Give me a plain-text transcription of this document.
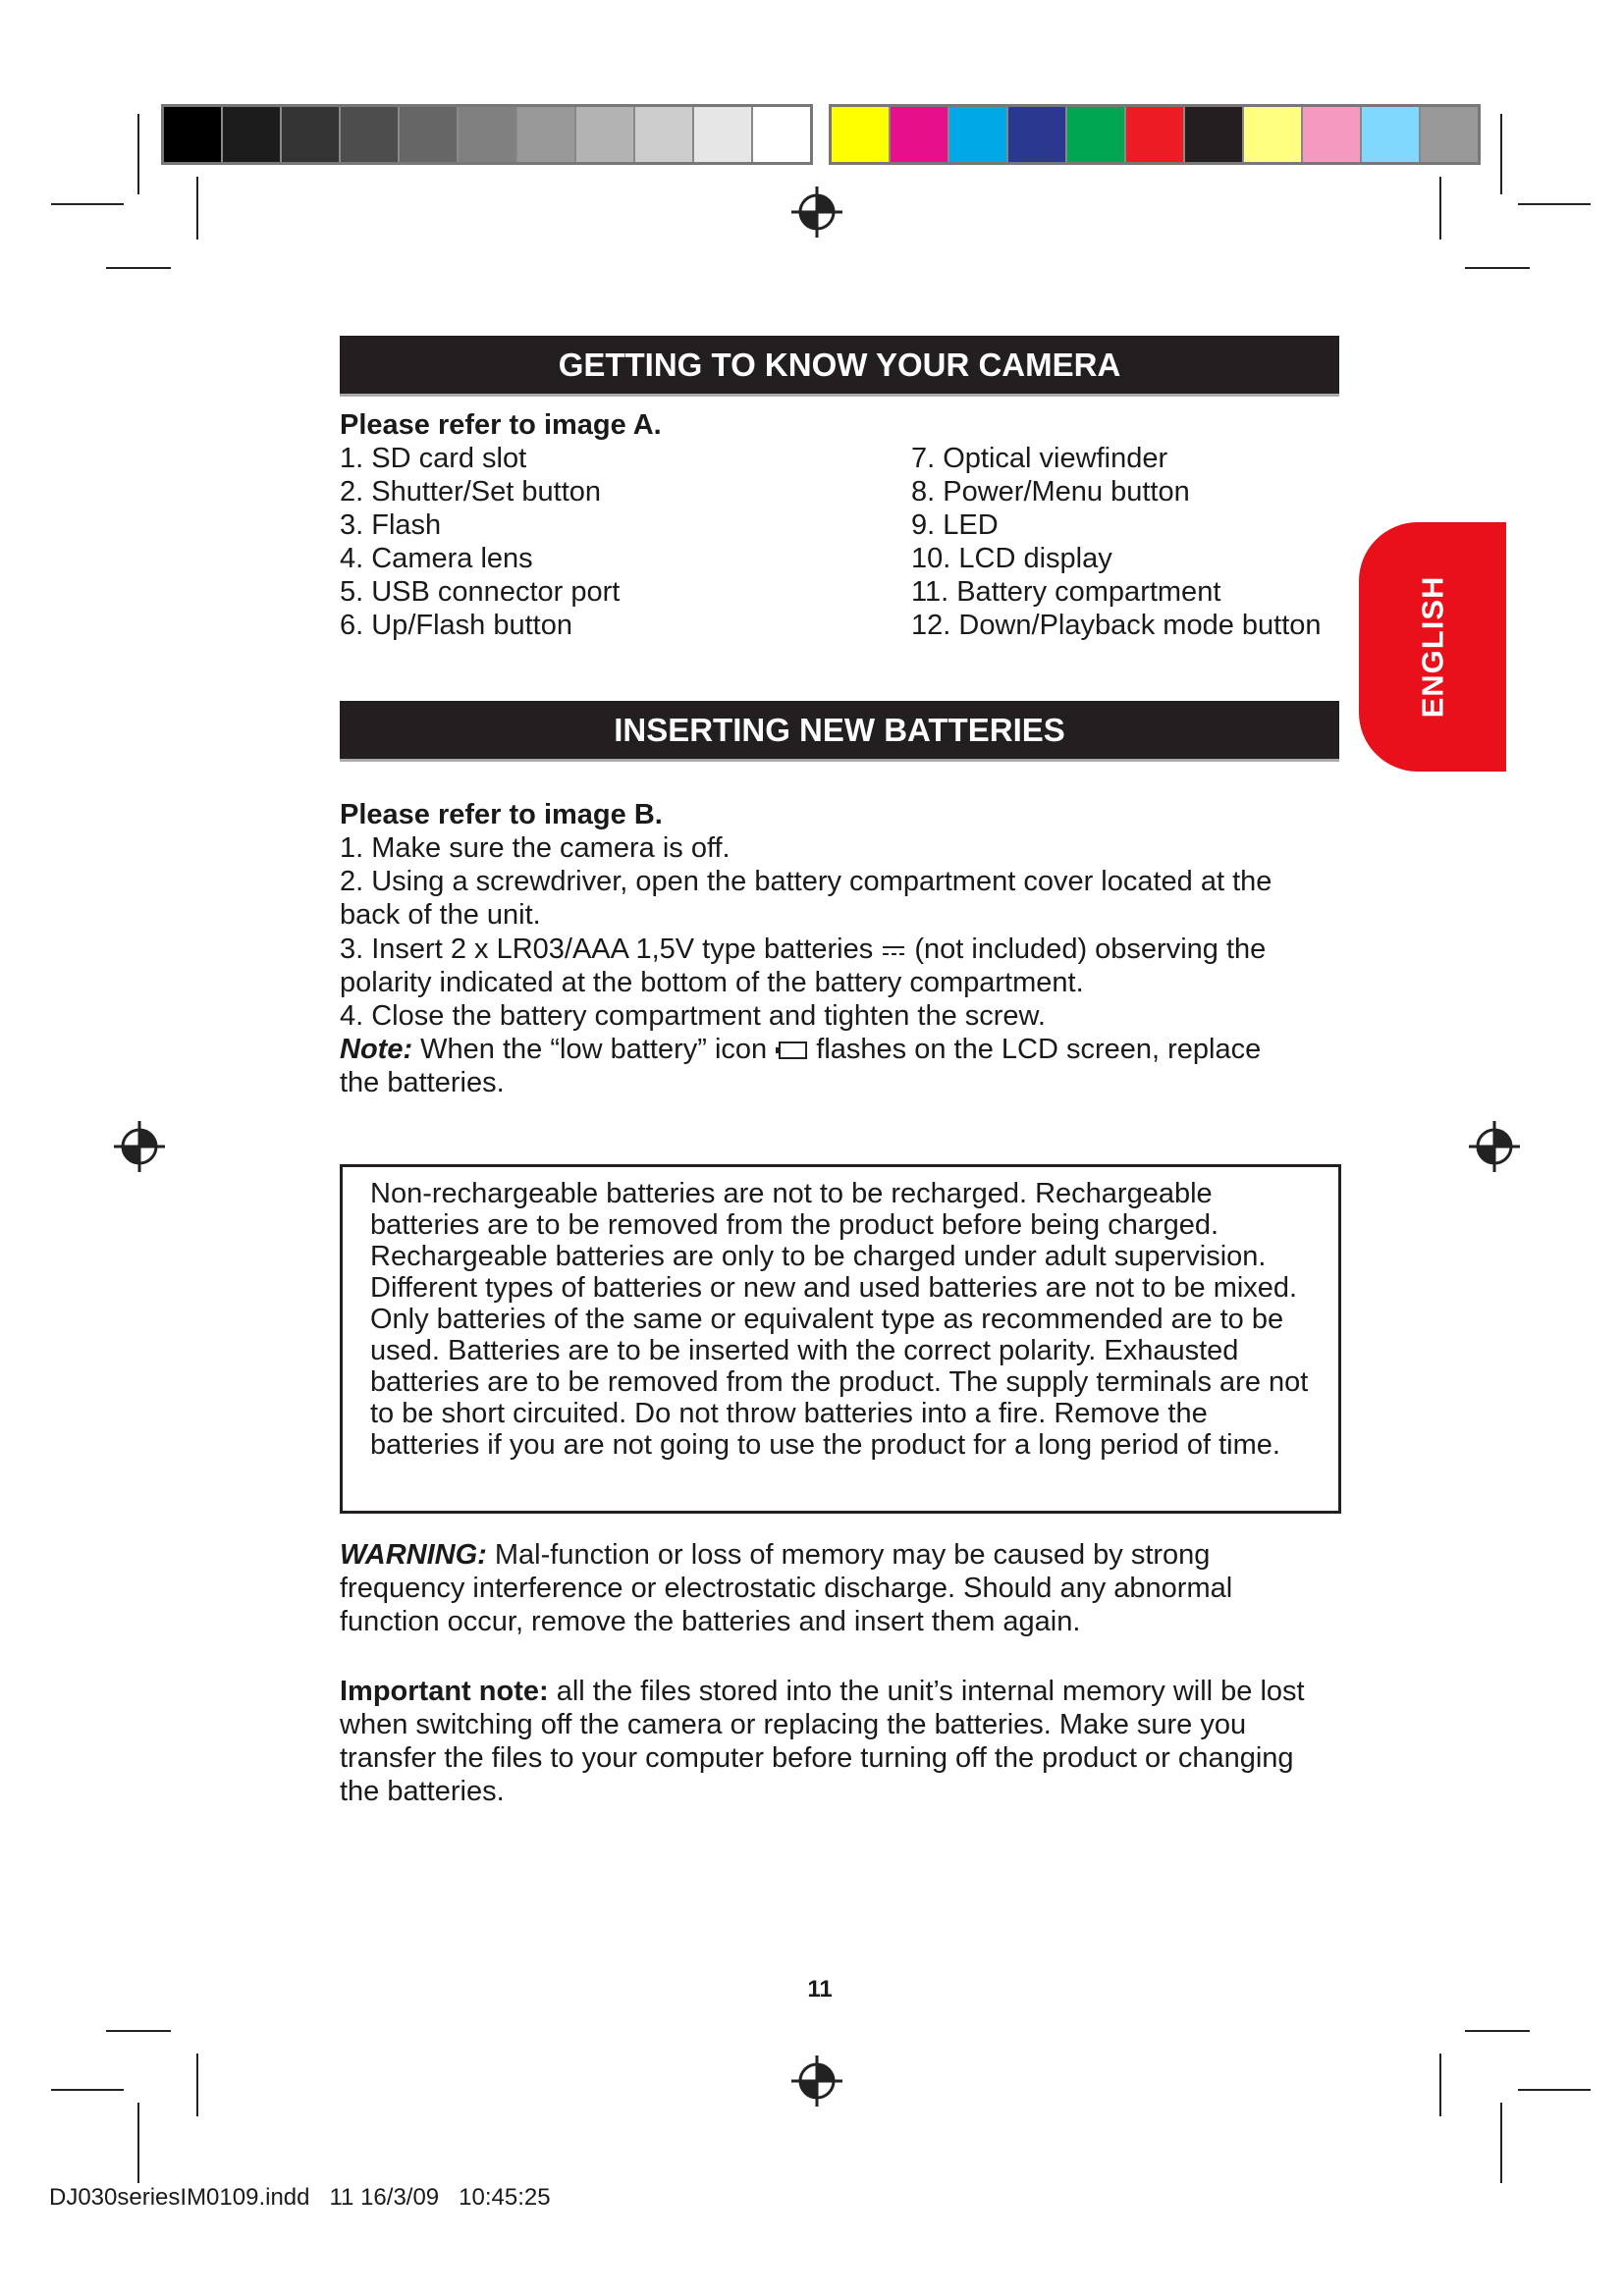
GETTING TO KNOW YOUR CAMERA
Please refer to image A.
1. SD card slot
2. Shutter/Set button
3. Flash
4. Camera lens
5. USB connector port
6. Up/Flash button
7. Optical viewfinder
8. Power/Menu button
9. LED
10. LCD display
11. Battery compartment
12. Down/Playback mode button	ENGLISH
INSERTING NEW BATTERIES
Please refer to image B.
1. Make sure the camera is off.
2. Using a screwdriver, open the battery compartment cover located at the back of the unit.
3. Insert 2 x LR03/AAA 1,5V type batteries (not included) observing the
polarity indicated at the bottom of the battery compartment.
4. Close the battery compartment and tighten the screw.
Note: When the “low battery” icon flashes on the LCD screen, replace
the batteries.
Non-rechargeable batteries are not to be recharged. Rechargeable batteries are to be removed from the product before being charged. Rechargeable batteries are only to be charged under adult supervision. Different types of batteries or new and used batteries are not to be mixed. Only batteries of the same or equivalent type as recommended are to be used. Batteries are to be inserted with the correct polarity. Exhausted batteries are to be removed from the product. The supply terminals are not to be short circuited. Do not throw batteries into a fire. Remove the batteries if you are not going to use the product for a long period of time.
WARNING: Mal-function or loss of memory may be caused by strong frequency interference or electrostatic discharge. Should any abnormal function occur, remove the batteries and insert them again.
Important note: all the files stored into the unit’s internal memory will be lost when switching off the camera or replacing the batteries. Make sure you transfer the files to your computer before turning off the product or changing the batteries.
11
DJ030seriesIM0109.indd   11 16/3/09   10:45:25
